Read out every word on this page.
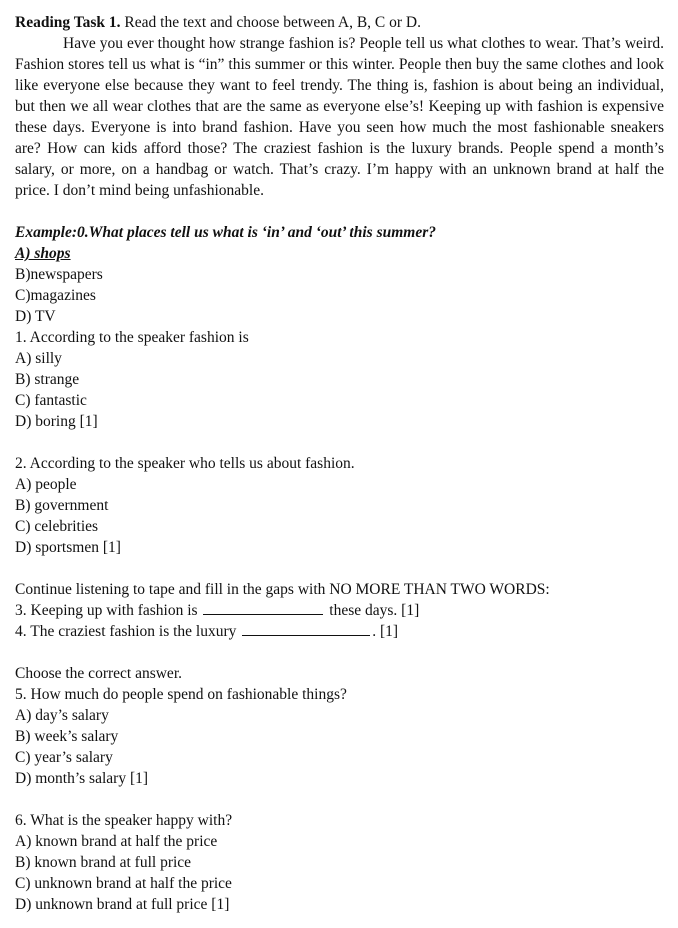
Reading Task 1. Read the text and choose between A, B, C or D.

Have you ever thought how strange fashion is? People tell us what clothes to wear. That’s weird. Fashion stores tell us what is “in” this summer or this winter. People then buy the same clothes and look like everyone else because they want to feel trendy. The thing is, fashion is about being an individual, but then we all wear clothes that are the same as everyone else’s! Keeping up with fashion is expensive these days. Everyone is into brand fashion. Have you seen how much the most fashionable sneakers are? How can kids afford those? The craziest fashion is the luxury brands. People spend a month’s salary, or more, on a handbag or watch. That’s crazy. I’m happy with an unknown brand at half the price. I don’t mind being unfashionable.

Example:0.What places tell us what is ‘in’ and ‘out’ this summer?
A) shops
B)newspapers
C)magazines
D) TV
1. According to the speaker fashion is
A) silly
B) strange
C) fantastic
D) boring [1]
2. According to the speaker who tells us about fashion.
A) people
B) government
C) celebrities
D) sportsmen [1]
Continue listening to tape and fill in the gaps with NO MORE THAN TWO WORDS:
3. Keeping up with fashion is	these days. [1]
4. The craziest fashion is the luxury	. [1]
Choose the correct answer.
5. How much do people spend on fashionable things?
A) day’s salary
B) week’s salary
C) year’s salary
D) month’s salary [1]
6. What is the speaker happy with?
A) known brand at half the price
B) known brand at full price
C) unknown brand at half the price
D) unknown brand at full price [1]
